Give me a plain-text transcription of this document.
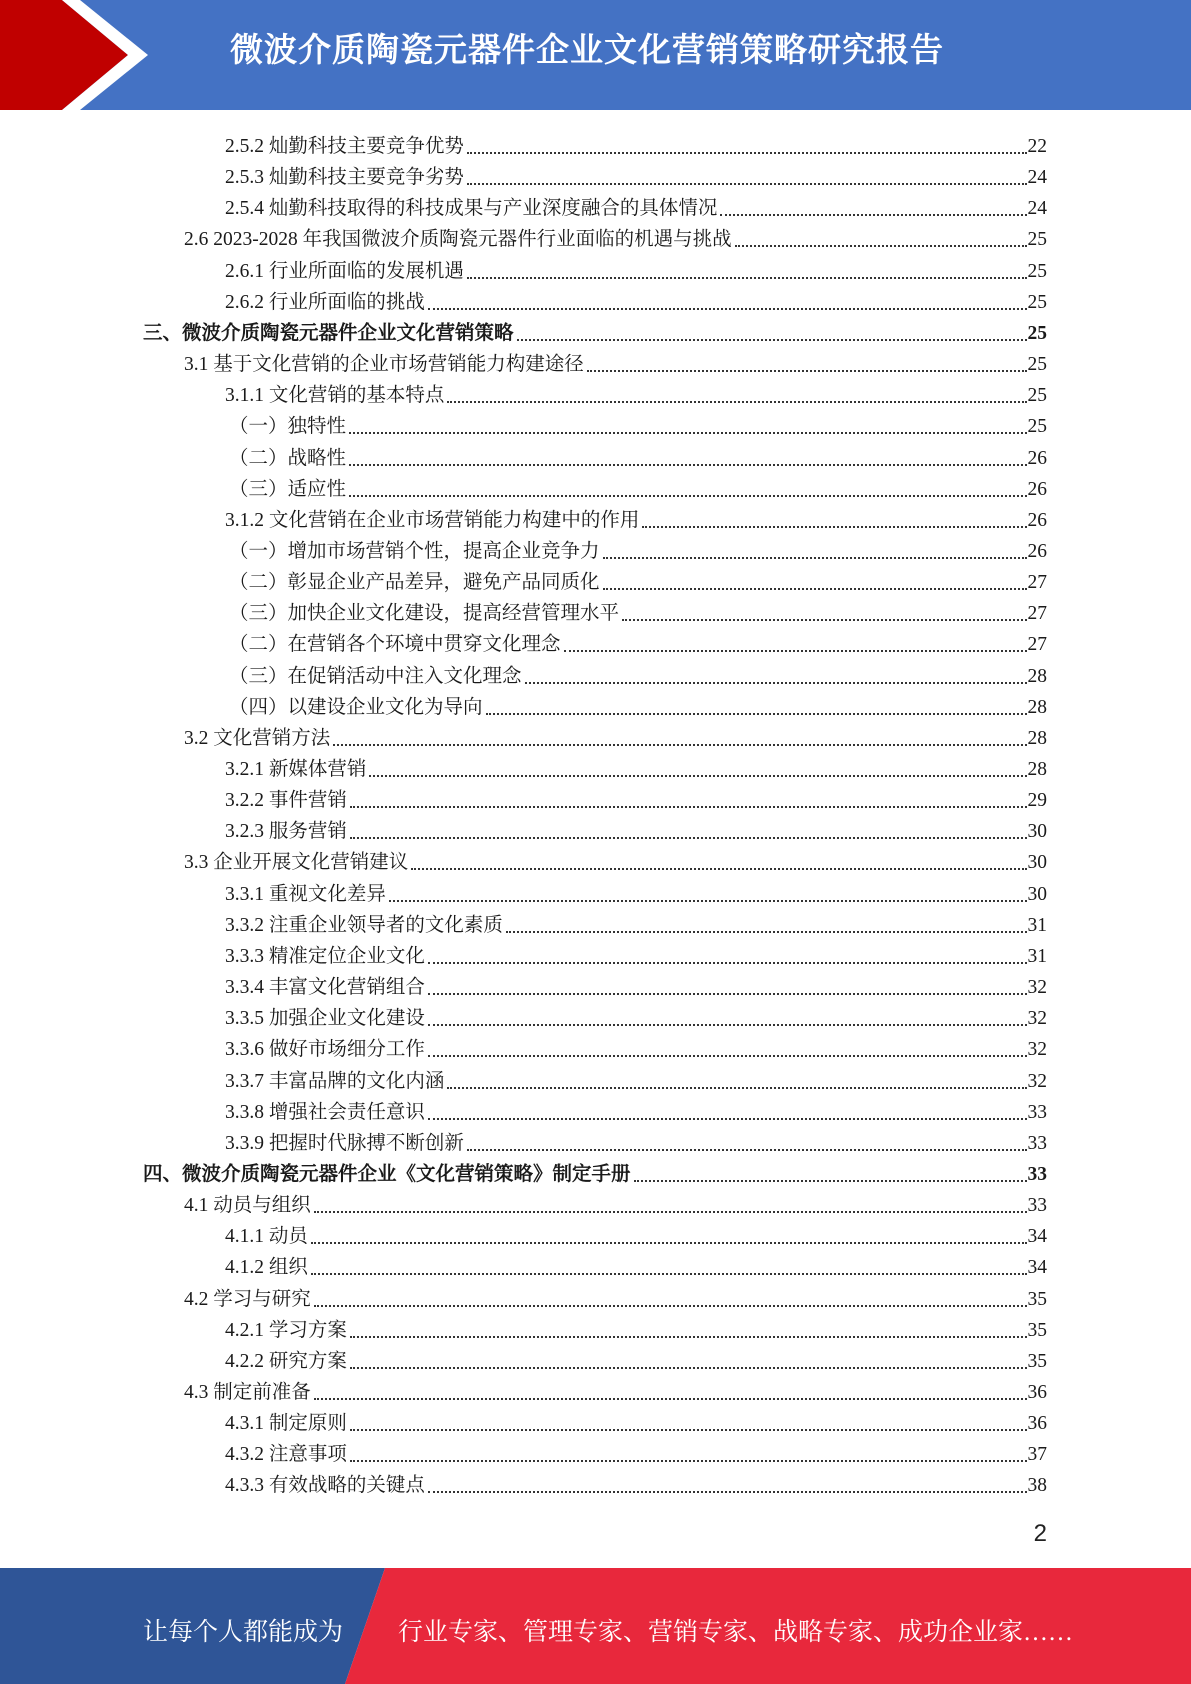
微波介质陶瓷元器件企业文化营销策略研究报告
2.5.2 灿勤科技主要竞争优势	22
2.5.3 灿勤科技主要竞争劣势	24
2.5.4 灿勤科技取得的科技成果与产业深度融合的具体情况	24
2.6 2023-2028 年我国微波介质陶瓷元器件行业面临的机遇与挑战	25
2.6.1 行业所面临的发展机遇	25
2.6.2 行业所面临的挑战	25
三、微波介质陶瓷元器件企业文化营销策略	25
3.1 基于文化营销的企业市场营销能力构建途径	25
3.1.1 文化营销的基本特点	25
（一）独特性	25
（二）战略性	26
（三）适应性	26
3.1.2 文化营销在企业市场营销能力构建中的作用	26
（一）增加市场营销个性，提高企业竞争力	26
（二）彰显企业产品差异，避免产品同质化	27
（三）加快企业文化建设，提高经营管理水平	27
（二）在营销各个环境中贯穿文化理念	27
（三）在促销活动中注入文化理念	28
（四）以建设企业文化为导向	28
3.2 文化营销方法	28
3.2.1 新媒体营销	28
3.2.2 事件营销	29
3.2.3 服务营销	30
3.3 企业开展文化营销建议	30
3.3.1 重视文化差异	30
3.3.2 注重企业领导者的文化素质	31
3.3.3 精准定位企业文化	31
3.3.4 丰富文化营销组合	32
3.3.5 加强企业文化建设	32
3.3.6 做好市场细分工作	32
3.3.7 丰富品牌的文化内涵	32
3.3.8 增强社会责任意识	33
3.3.9 把握时代脉搏不断创新	33
四、微波介质陶瓷元器件企业《文化营销策略》制定手册	33
4.1 动员与组织	33
4.1.1 动员	34
4.1.2 组织	34
4.2 学习与研究	35
4.2.1 学习方案	35
4.2.2 研究方案	35
4.3 制定前准备	36
4.3.1 制定原则	36
4.3.2 注意事项	37
4.3.3 有效战略的关键点	38
2
让每个人都能成为 行业专家、管理专家、营销专家、战略专家、成功企业家……
